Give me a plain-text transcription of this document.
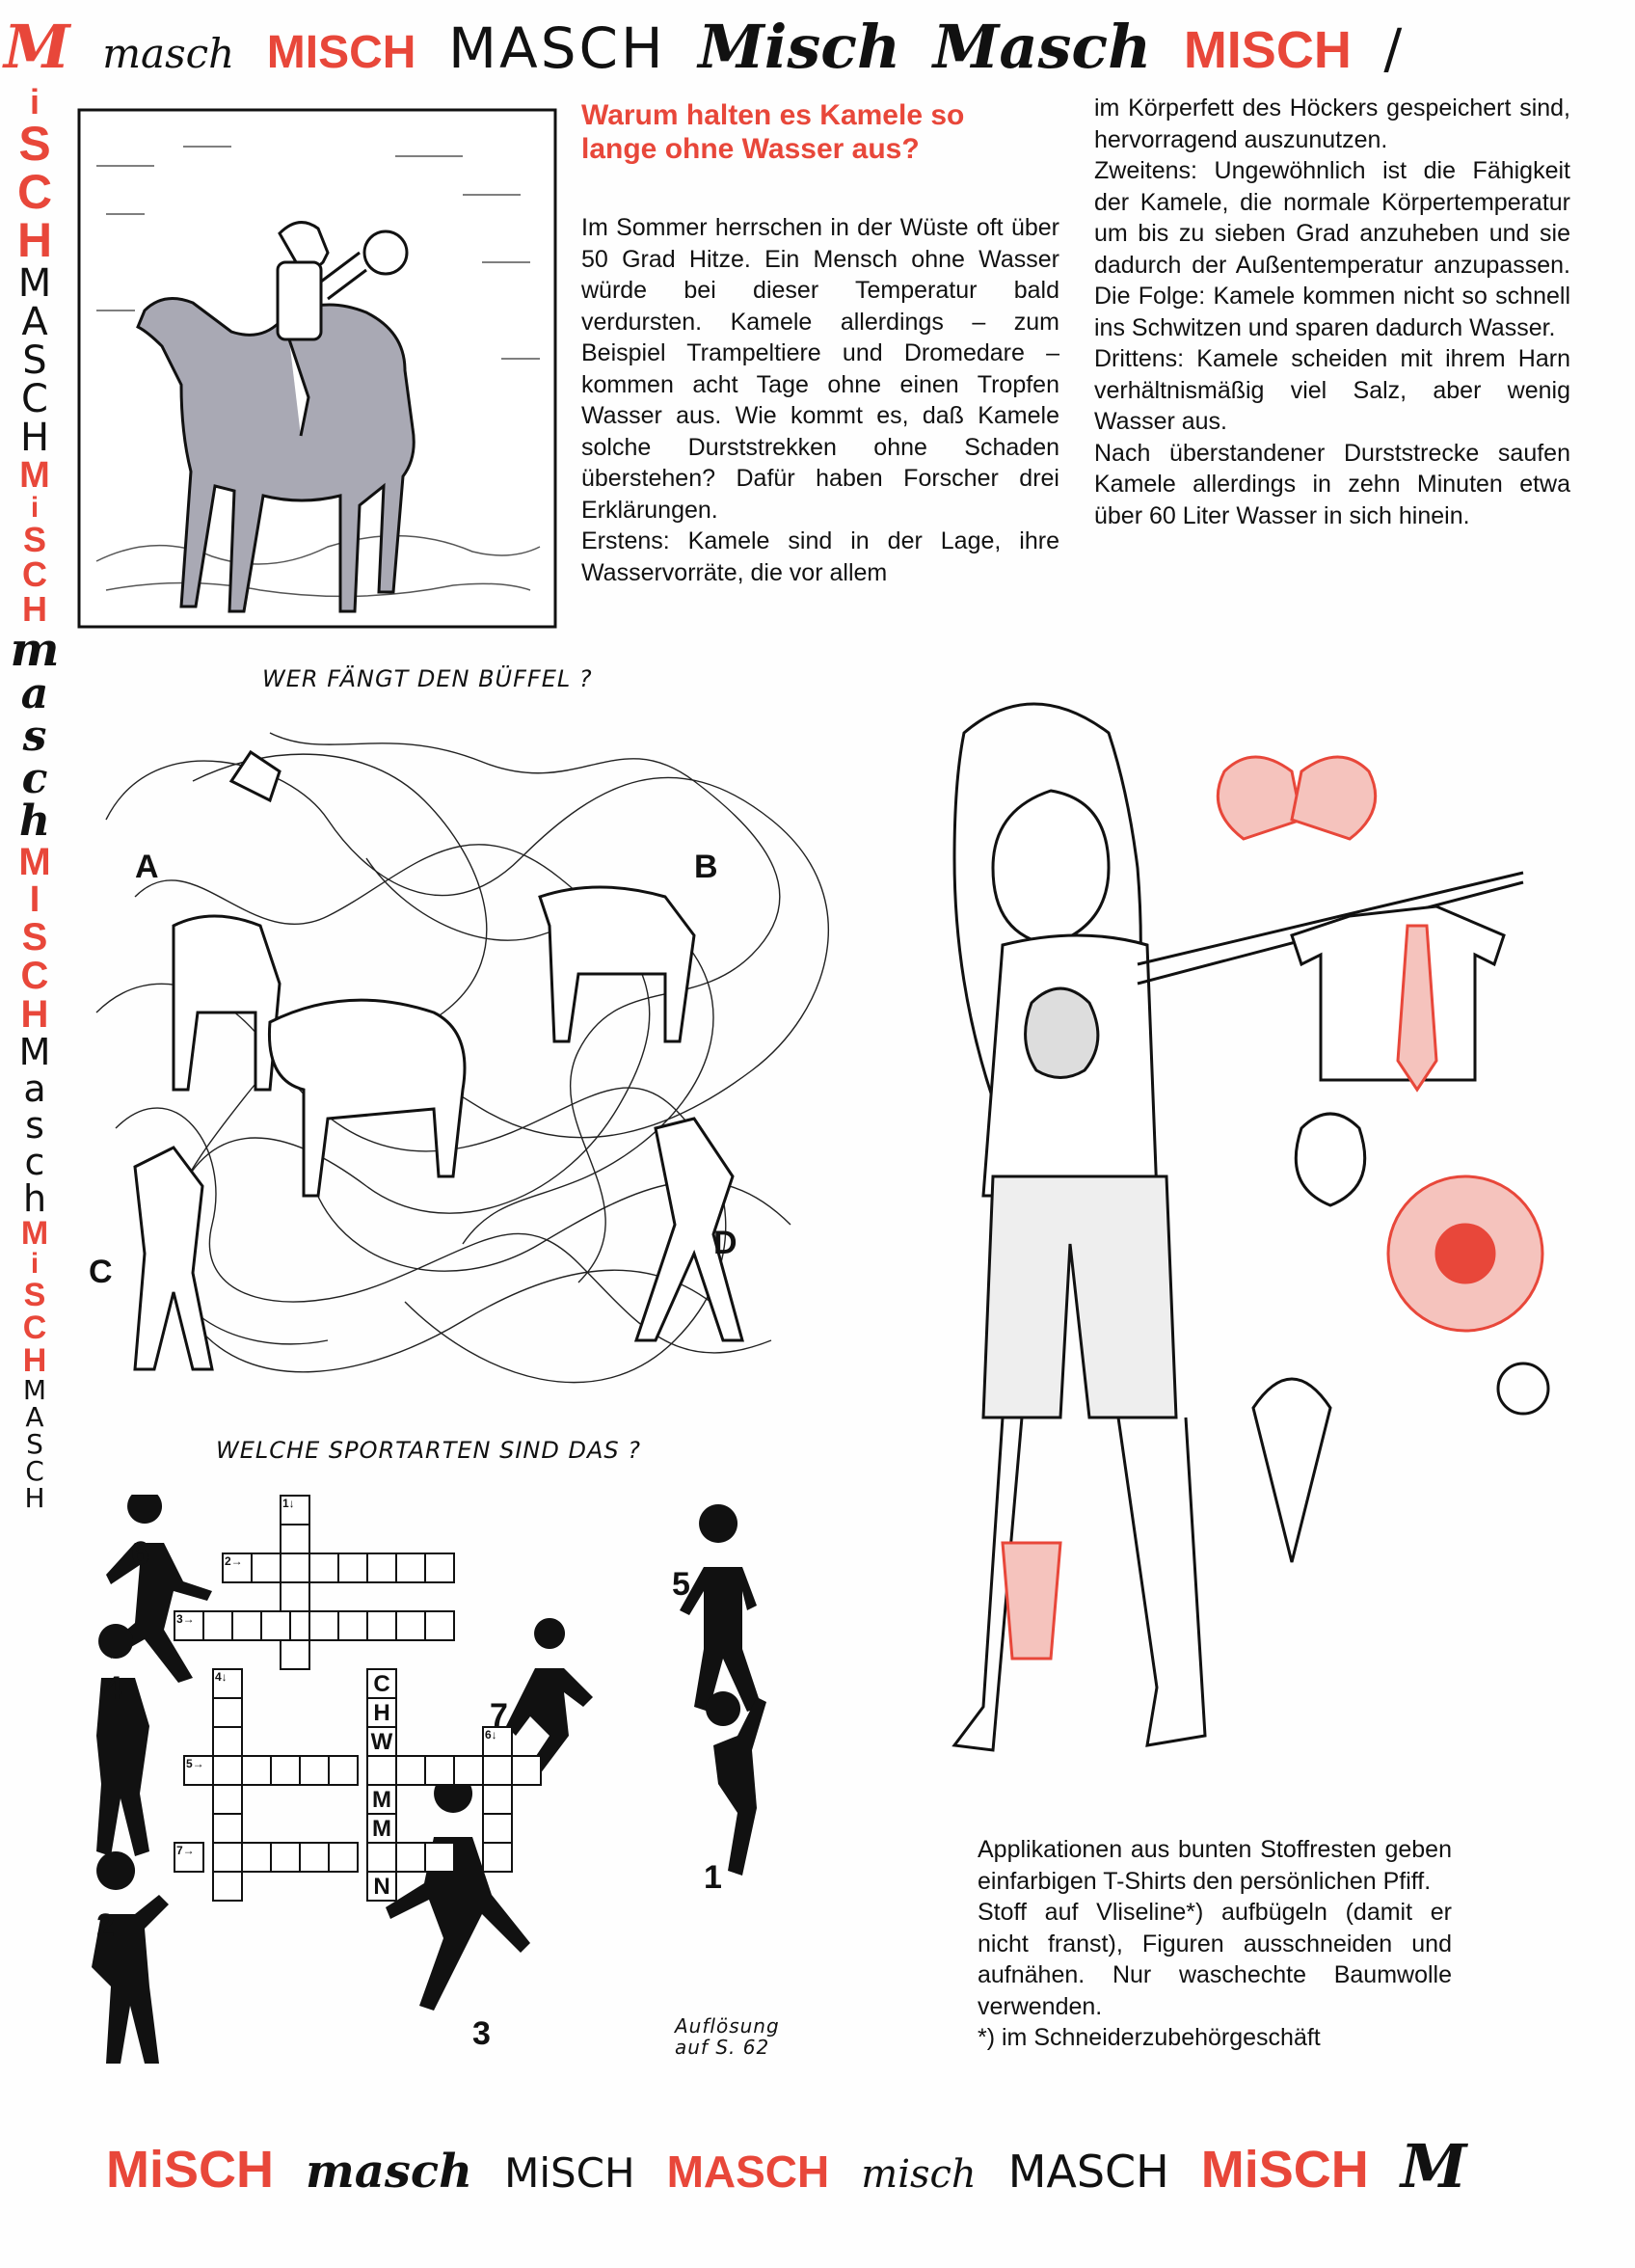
M masch MISCH MASCH Misch Masch MISCH /
i
S
C
H
M
A
S
C
H
M
i
S
C
H
m
a
s
c
h
M
I
S
C
H
M
a
s
c
h
M
i
S
C
H
M
A
S
C
H

Warum halten es Kamele so lange ohne Wasser aus?

Im Sommer herrschen in der Wüste oft über 50 Grad Hitze. Ein Mensch ohne Wasser würde bei dieser Temperatur bald verdursten. Kamele allerdings – zum Beispiel Trampeltiere und Dromedare – kommen acht Tage ohne einen Tropfen Wasser aus. Wie kommt es, daß Kamele solche Durststrekken ohne Schaden überstehen? Dafür haben Forscher drei Erklärungen.

Erstens: Kamele sind in der Lage, ihre Wasservorräte, die vor allem

im Körperfett des Höckers gespeichert sind, hervorragend auszunutzen.

Zweitens: Ungewöhnlich ist die Fähigkeit der Kamele, die normale Körpertemperatur um bis zu sieben Grad anzuheben und sie dadurch der Außentemperatur anzupassen. Die Folge: Kamele kommen nicht so schnell ins Schwitzen und sparen dadurch Wasser.

Drittens: Kamele scheiden mit ihrem Harn verhältnismäßig viel Salz, aber wenig Wasser aus.

Nach überstandener Durststrecke saufen Kamele allerdings in zehn Minuten etwa über 60 Liter Wasser in sich hinein.

WER FÄNGT DEN BÜFFEL ?
A	B
C
D
WELCHE SPORTARTEN SIND DAS ?
C
H
W
M
M
N
1↓
2→
3→
4↓
5→
6↓
7→
6
5
4
7
1
2
3	Auflösung auf S. 62

Applikationen aus bunten Stoffresten geben einfarbigen T-Shirts den persönlichen Pfiff.

Stoff auf Vliseline*) aufbügeln (damit er nicht franst), Figuren ausschneiden und aufnähen. Nur waschechte Baumwolle verwenden.

*) im Schneiderzubehörgeschäft

MiSCH masch MiSCH MASCH misch MASCH MiSCH M
